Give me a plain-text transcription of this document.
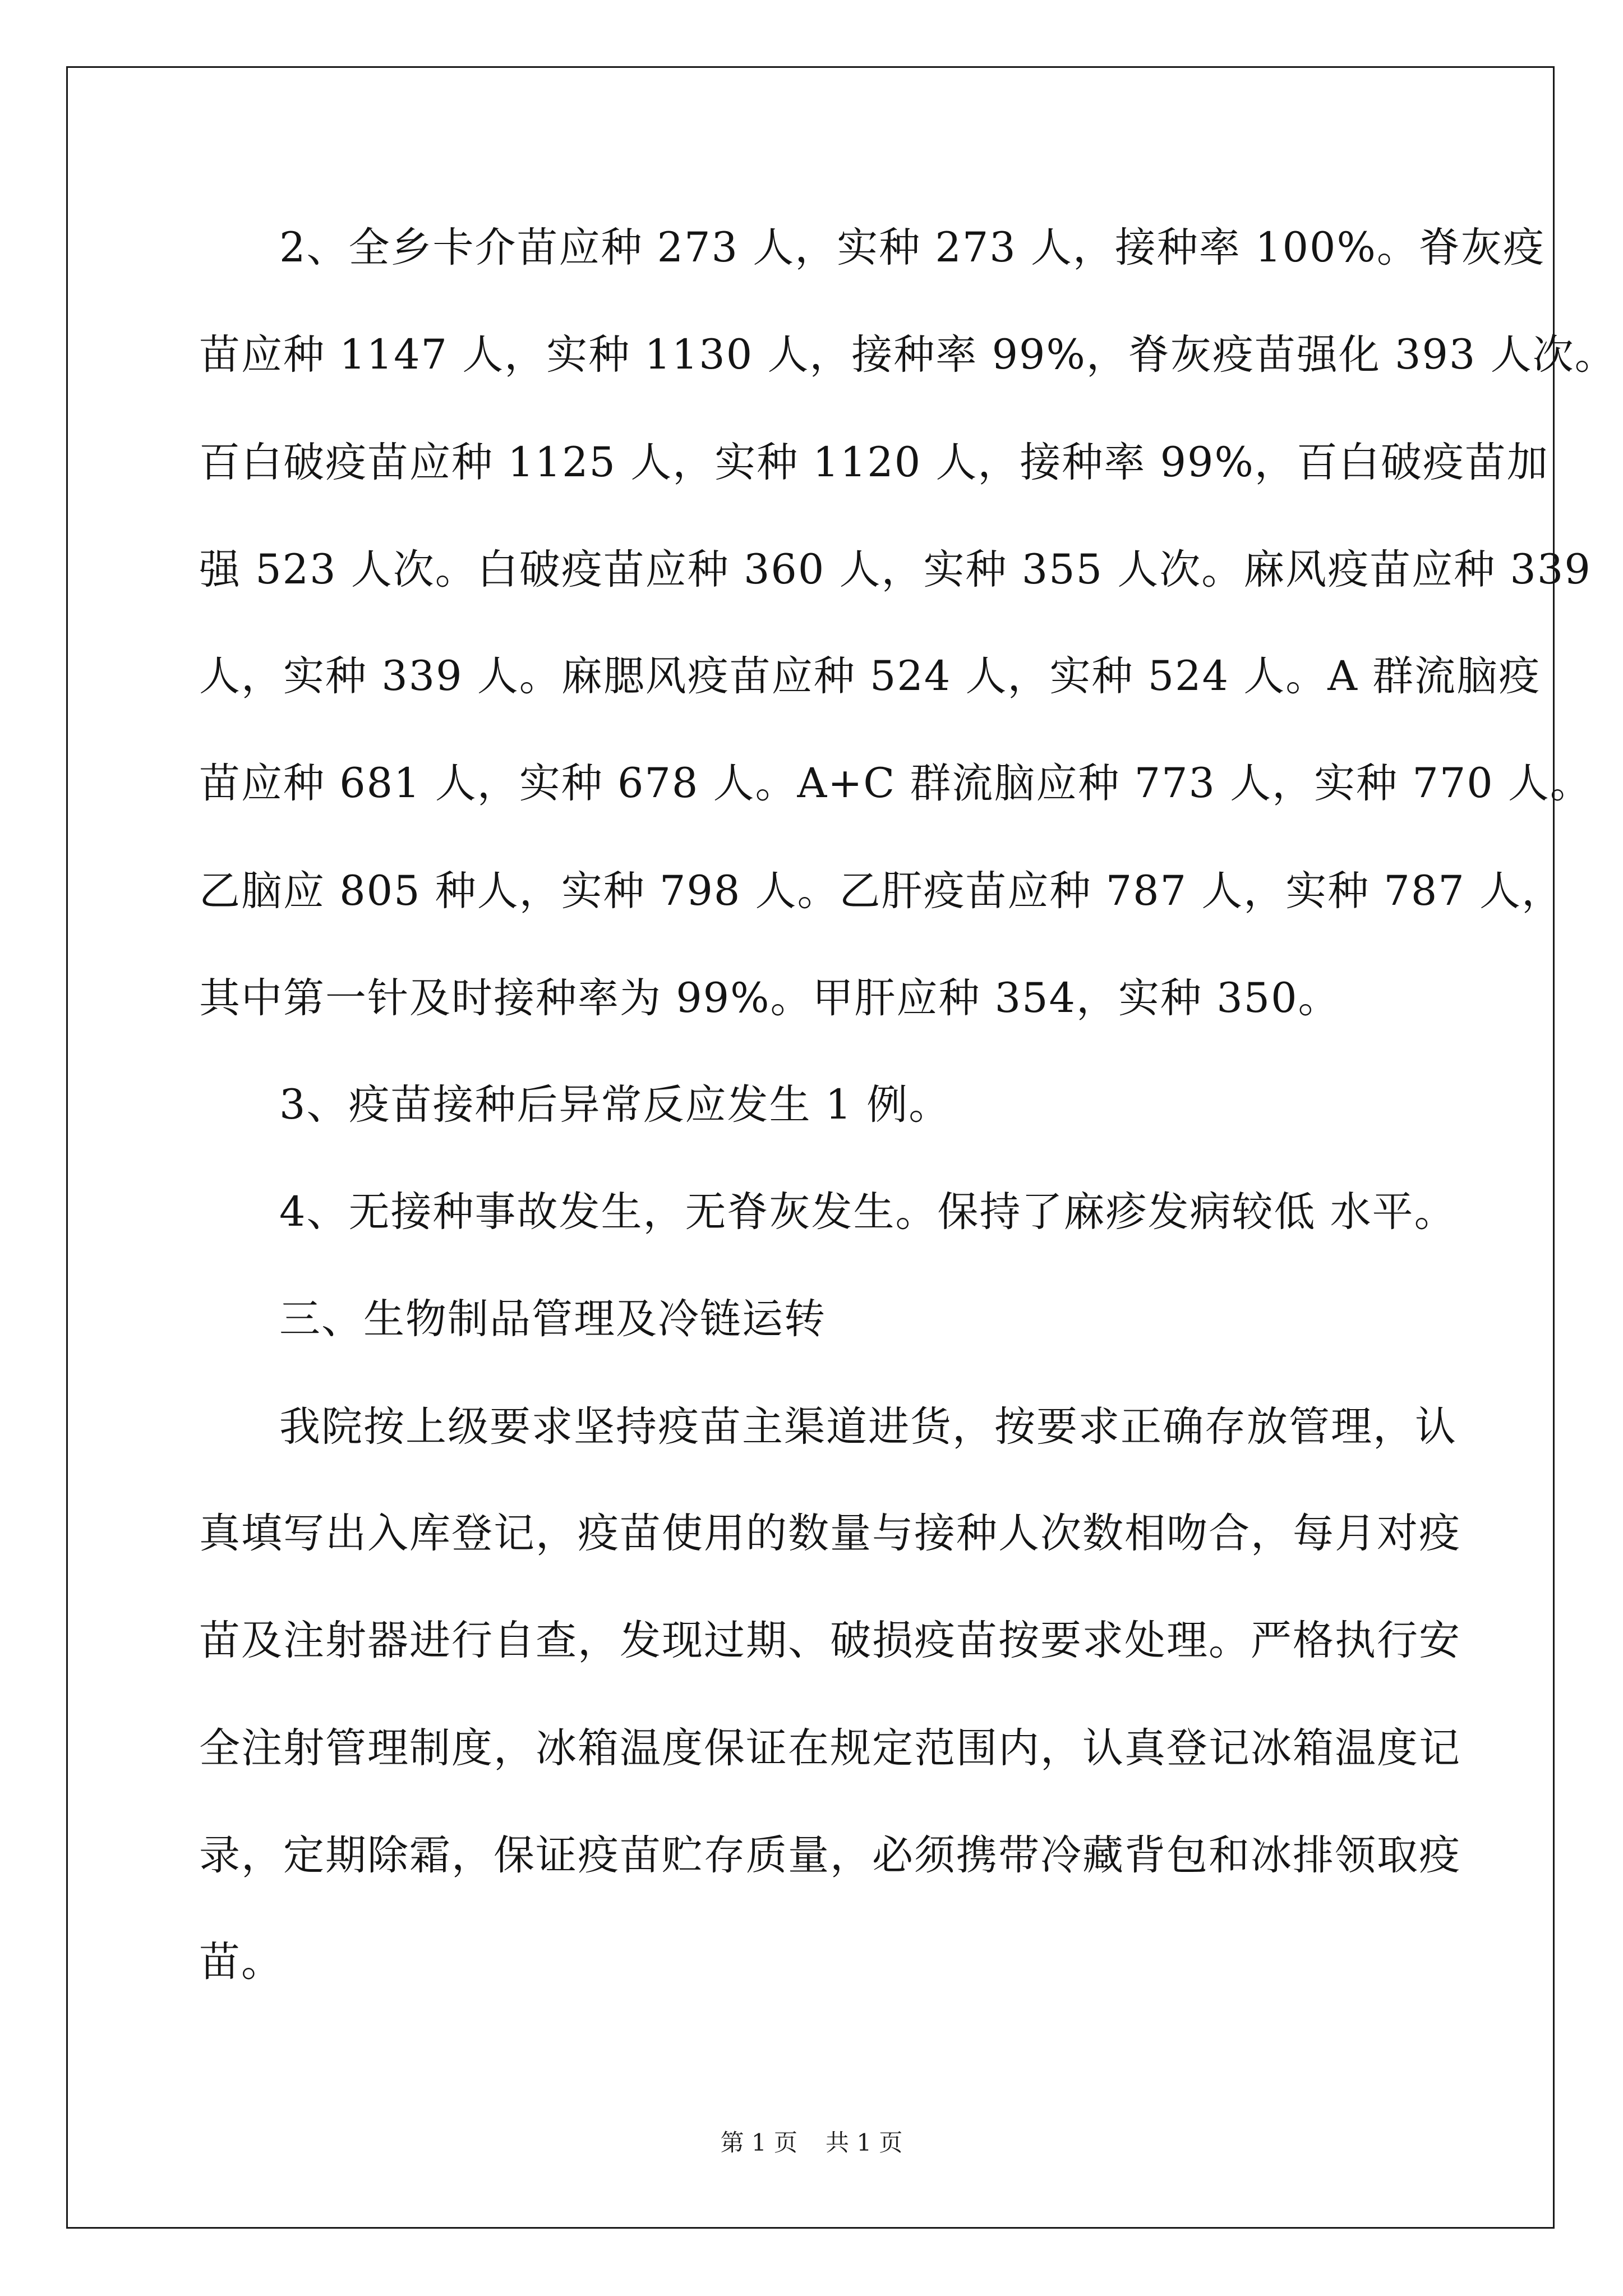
2、全乡卡介苗应种 273 人，实种 273 人，接种率 100%。脊灰疫
苗应种 1147 人，实种 1130 人，接种率 99%，脊灰疫苗强化 393 人次。
百白破疫苗应种 1125 人，实种 1120 人，接种率 99%，百白破疫苗加
强 523 人次。白破疫苗应种 360 人，实种 355 人次。麻风疫苗应种 339
人，实种 339 人。麻腮风疫苗应种 524 人，实种 524 人。A 群流脑疫
苗应种 681 人，实种 678 人。A+C 群流脑应种 773 人，实种 770 人。
乙脑应 805 种人，实种 798 人。乙肝疫苗应种 787 人，实种 787 人，
其中第一针及时接种率为 99%。甲肝应种 354，实种 350。
3、疫苗接种后异常反应发生 1 例。
4、无接种事故发生，无脊灰发生。保持了麻疹发病较低 水平。
三、生物制品管理及冷链运转
我院按上级要求坚持疫苗主渠道进货，按要求正确存放管理，认
真填写出入库登记，疫苗使用的数量与接种人次数相吻合，每月对疫
苗及注射器进行自查，发现过期、破损疫苗按要求处理。严格执行安
全注射管理制度，冰箱温度保证在规定范围内，认真登记冰箱温度记
录，定期除霜，保证疫苗贮存质量，必须携带冷藏背包和冰排领取疫
苗。
第 1 页 共 1 页
